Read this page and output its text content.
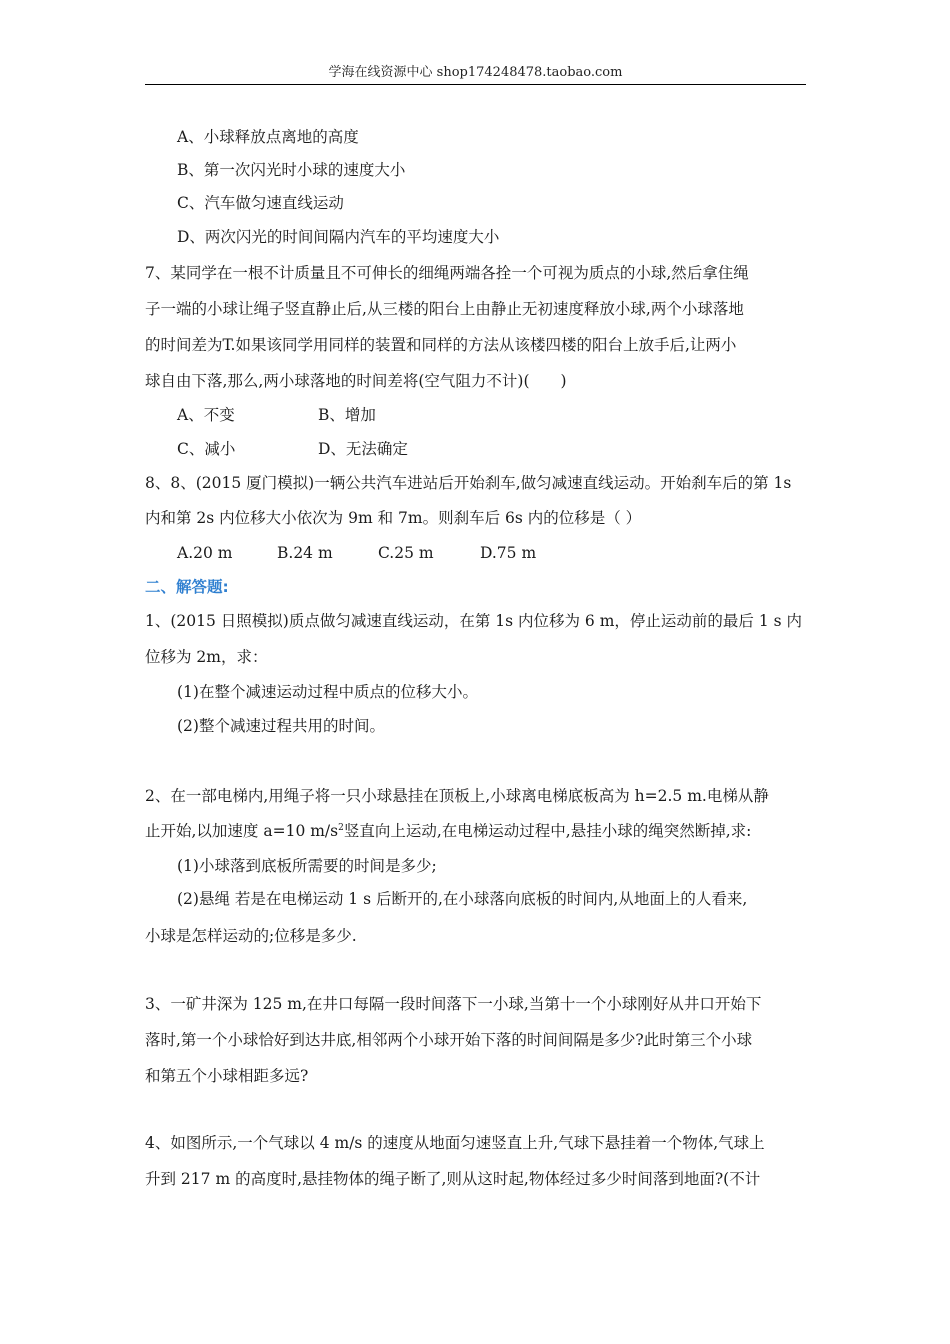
学海在线资源中心 shop174248478.taobao.com
A、小球释放点离地的高度
B、第一次闪光时小球的速度大小
C、汽车做匀速直线运动
D、两次闪光的时间间隔内汽车的平均速度大小
7、某同学在一根不计质量且不可伸长的细绳两端各拴一个可视为质点的小球,然后拿住绳
子一端的小球让绳子竖直静止后,从三楼的阳台上由静止无初速度释放小球,两个小球落地
的时间差为T.如果该同学用同样的装置和同样的方法从该楼四楼的阳台上放手后,让两小
球自由下落,那么,两小球落地的时间差将(空气阻力不计)(　　)
A、不变	B、增加
C、减小	D、无法确定
8、8、(2015 厦门模拟)一辆公共汽车进站后开始刹车,做匀减速直线运动。开始刹车后的第 1s
内和第 2s 内位移大小依次为 9m 和 7m。则刹车后 6s 内的位移是（ ）
A.20 m	B.24 m	C.25 m	D.75 m
二、解答题:
1、(2015 日照模拟)质点做匀减速直线运动，在第 1s 内位移为 6 m，停止运动前的最后 1 s 内
位移为 2m，求：
(1)在整个减速运动过程中质点的位移大小。
(2)整个减速过程共用的时间。
2、在一部电梯内,用绳子将一只小球悬挂在顶板上,小球离电梯底板高为 h=2.5 m.电梯从静
止开始,以加速度 a=10 $m/s^2$竖直向上运动,在电梯运动过程中,悬挂小球的绳突然断掉,求:
(1)小球落到底板所需要的时间是多少;
(2)悬绳 若是在电梯运动 1 s 后断开的,在小球落向底板的时间内,从地面上的人看来,
小球是怎样运动的;位移是多少.
3、一矿井深为 125 m,在井口每隔一段时间落下一小球,当第十一个小球刚好从井口开始下
落时,第一个小球恰好到达井底,相邻两个小球开始下落的时间间隔是多少?此时第三个小球
和第五个小球相距多远?
4、如图所示,一个气球以 4 m/s 的速度从地面匀速竖直上升,气球下悬挂着一个物体,气球上
升到 217 m 的高度时,悬挂物体的绳子断了,则从这时起,物体经过多少时间落到地面?(不计
